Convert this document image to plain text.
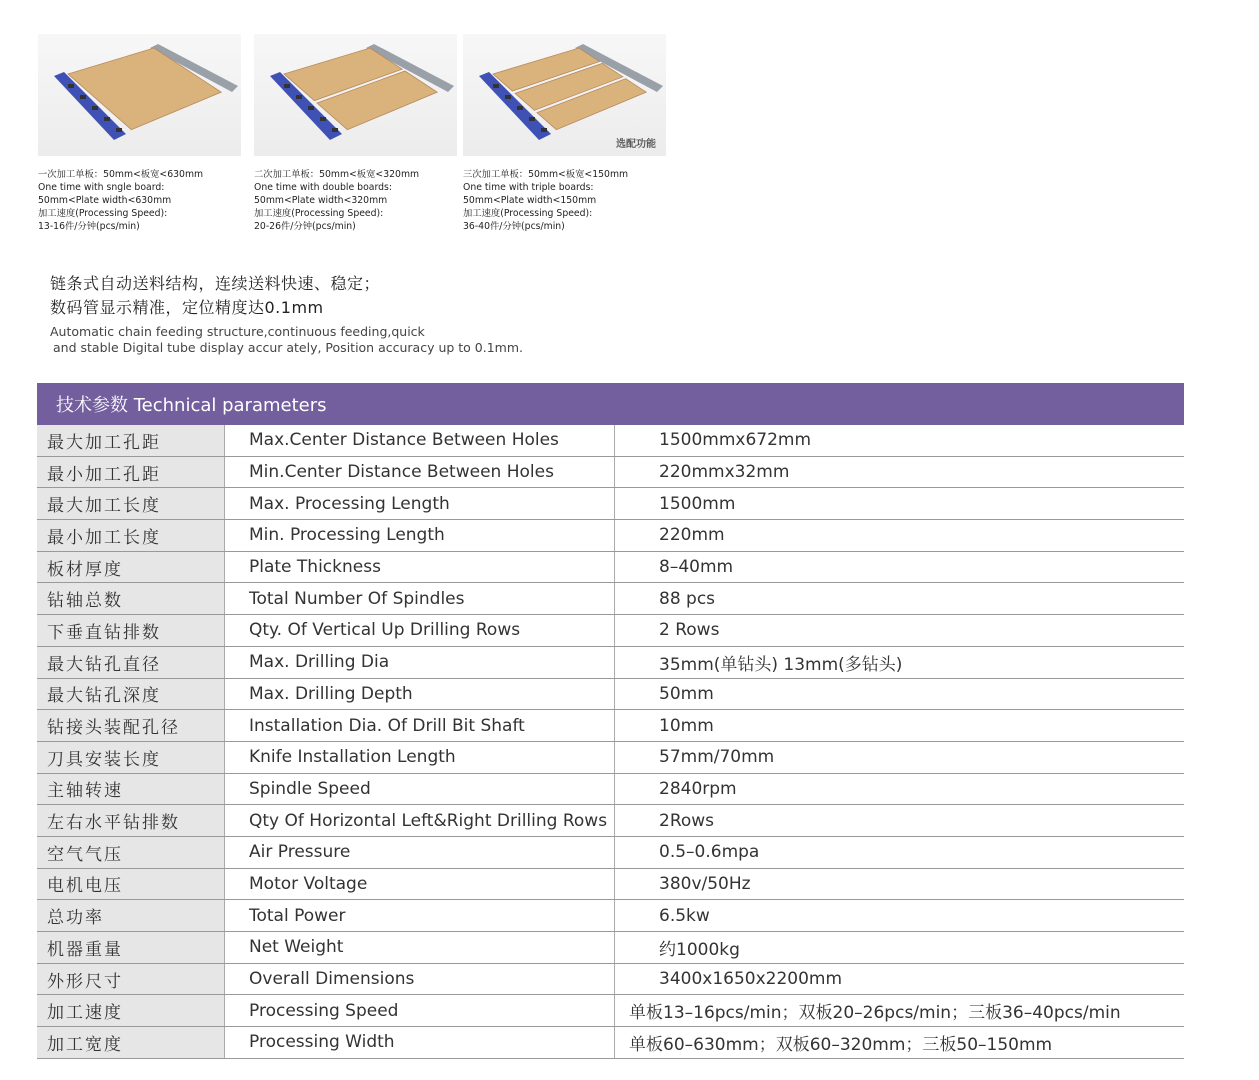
一次加工单板：50mm<板宽<630mm
One time with sngle board:
50mm<Plate width<630mm
加工速度(Processing Speed):
13-16件/分钟(pcs/min)
二次加工单板：50mm<板宽<320mm
One time with double boards:
50mm<Plate width<320mm
加工速度(Processing Speed):
20-26件/分钟(pcs/min)
选配功能
三次加工单板：50mm<板宽<150mm
One time with triple boards:
50mm<Plate width<150mm
加工速度(Processing Speed):
36-40件/分钟(pcs/min)
链条式自动送料结构，连续送料快速、稳定；
数码管显示精准，定位精度达0.1mm
Automatic chain feeding structure,continuous feeding,quick
and stable Digital tube display accur ately, Position accuracy up to 0.1mm.
技术参数 Technical parameters
最大加工孔距	Max.Center Distance Between Holes	1500mmx672mm
最小加工孔距	Min.Center Distance Between Holes	220mmx32mm
最大加工长度	Max. Processing Length	1500mm
最小加工长度	Min. Processing Length	220mm
板材厚度	Plate Thickness	8–40mm
钻轴总数	Total Number Of Spindles	88 pcs
下垂直钻排数	Qty. Of Vertical Up Drilling Rows	2 Rows
最大钻孔直径	Max. Drilling Dia	35mm(单钻头) 13mm(多钻头)
最大钻孔深度	Max. Drilling Depth	50mm
钻接头装配孔径	Installation Dia. Of Drill Bit Shaft	10mm
刀具安装长度	Knife Installation Length	57mm/70mm
主轴转速	Spindle Speed	2840rpm
左右水平钻排数	Qty Of Horizontal Left&Right Drilling Rows	2Rows
空气气压	Air Pressure	0.5–0.6mpa
电机电压	Motor Voltage	380v/50Hz
总功率	Total Power	6.5kw
机器重量	Net Weight	约1000kg
外形尺寸	Overall Dimensions	3400x1650x2200mm
加工速度	Processing Speed	单板13–16pcs/min；双板20–26pcs/min；三板36–40pcs/min
加工宽度	Processing Width	单板60–630mm；双板60–320mm；三板50–150mm
